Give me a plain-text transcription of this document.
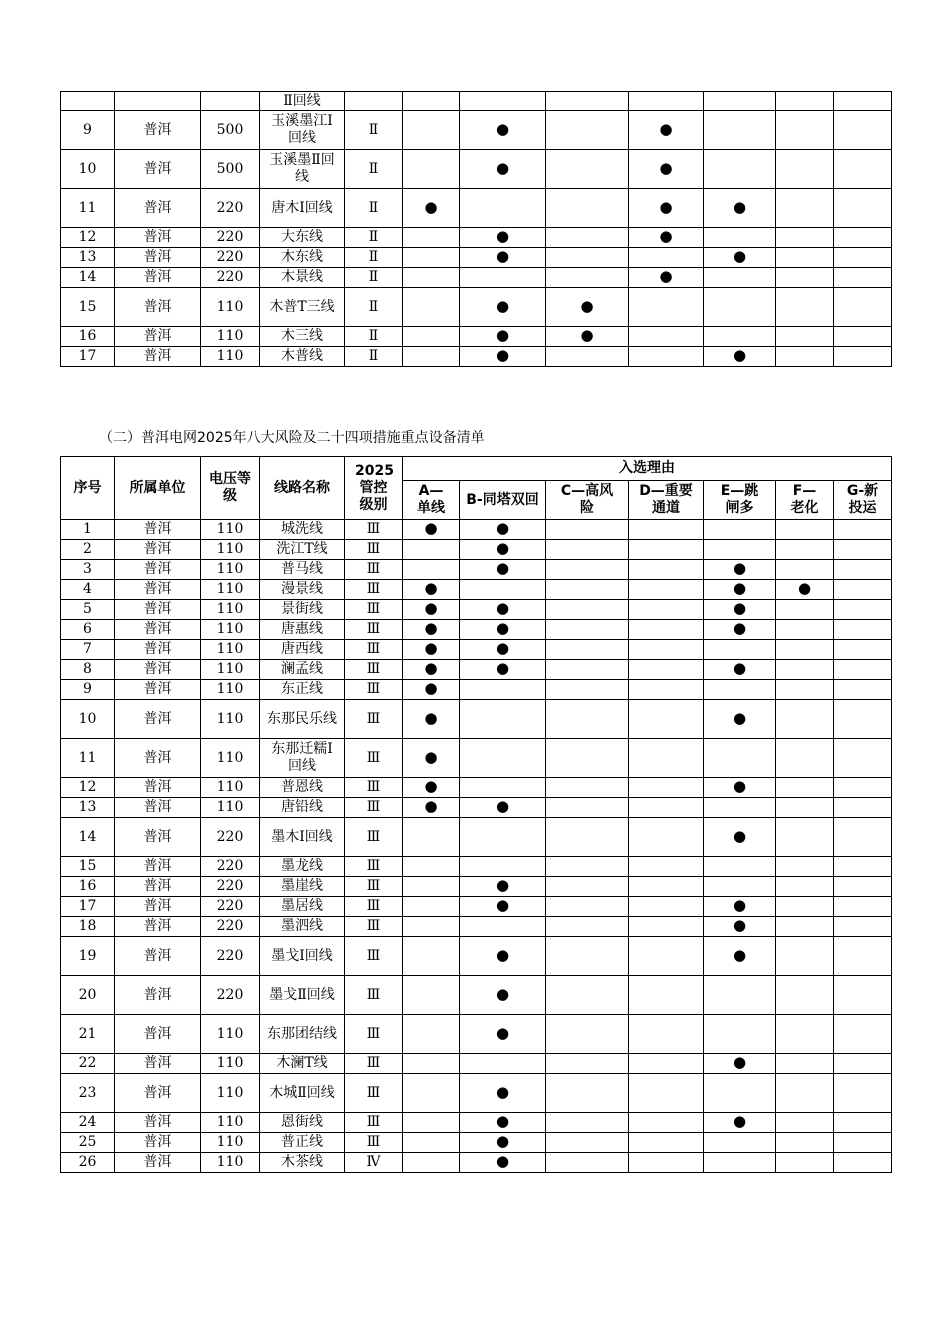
			Ⅱ回线								
9	普洱	500	玉溪墨江Ⅰ回线	Ⅱ		●		●			
10	普洱	500	玉溪墨Ⅱ回线	Ⅱ		●		●			
11	普洱	220	唐木Ⅰ回线	Ⅱ	●			●	●		
12	普洱	220	大东线	Ⅱ		●		●			
13	普洱	220	木东线	Ⅱ		●			●		
14	普洱	220	木景线	Ⅱ				●			
15	普洱	110	木普T三线	Ⅱ		●	●				
16	普洱	110	木三线	Ⅱ		●	●				
17	普洱	110	木普线	Ⅱ		●			●		
（二）普洱电网2025年八大风险及二十四项措施重点设备清单
序号	所属单位	电压等级	线路名称	2025管控级别	入选理由						
					A—单线	B-同塔双回	C—高风险	D—重要通道	E—跳闸多	F—老化	G-新投运
1	普洱	110	城洗线	Ⅲ	●	●					
2	普洱	110	洗江T线	Ⅲ		●					
3	普洱	110	普马线	Ⅲ		●			●		
4	普洱	110	漫景线	Ⅲ	●				●	●	
5	普洱	110	景街线	Ⅲ	●	●			●		
6	普洱	110	唐惠线	Ⅲ	●	●			●		
7	普洱	110	唐西线	Ⅲ	●	●					
8	普洱	110	澜孟线	Ⅲ	●	●			●		
9	普洱	110	东正线	Ⅲ	●						
10	普洱	110	东那民乐线	Ⅲ	●				●		
11	普洱	110	东那迁糯Ⅰ回线	Ⅲ	●						
12	普洱	110	普恩线	Ⅲ	●				●		
13	普洱	110	唐铅线	Ⅲ	●	●					
14	普洱	220	墨木Ⅰ回线	Ⅲ					●		
15	普洱	220	墨龙线	Ⅲ							
16	普洱	220	墨崖线	Ⅲ		●					
17	普洱	220	墨居线	Ⅲ		●			●		
18	普洱	220	墨泗线	Ⅲ					●		
19	普洱	220	墨戈Ⅰ回线	Ⅲ		●			●		
20	普洱	220	墨戈Ⅱ回线	Ⅲ		●					
21	普洱	110	东那团结线	Ⅲ		●					
22	普洱	110	木澜T线	Ⅲ					●		
23	普洱	110	木城Ⅱ回线	Ⅲ		●					
24	普洱	110	恩街线	Ⅲ		●			●		
25	普洱	110	普正线	Ⅲ		●					
26	普洱	110	木茶线	Ⅳ		●					
